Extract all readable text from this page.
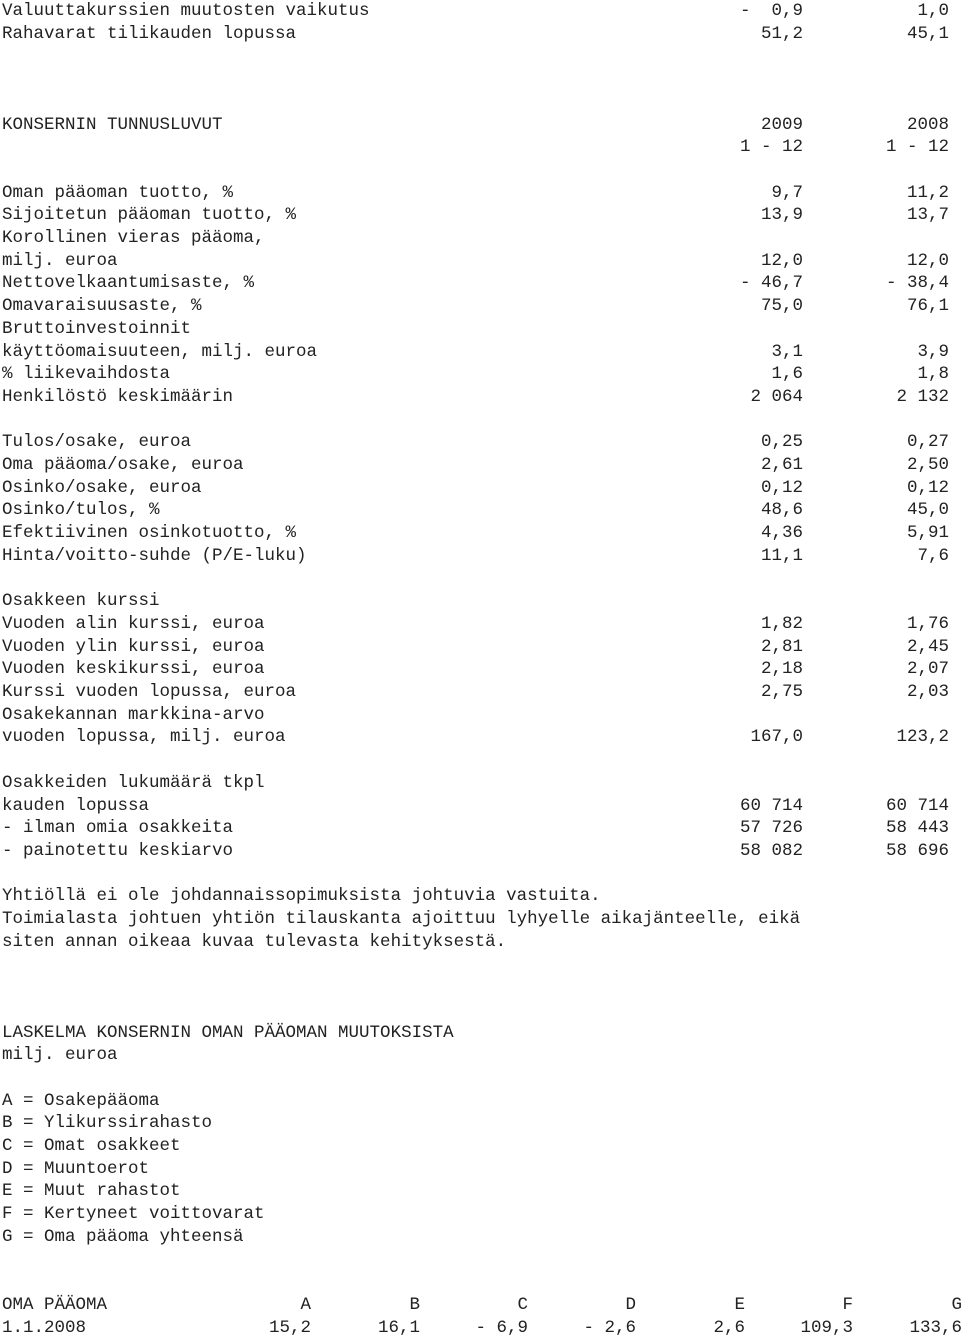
Valuuttakurssien muutosten vaikutus	-  0,9	1,0
Rahavarat tilikauden lopussa	51,2	45,1
KONSERNIN TUNNUSLUVUT	2009	2008
1 - 12	1 - 12
Oman pääoman tuotto, %	9,7	11,2
Sijoitetun pääoman tuotto, %	13,9	13,7
Korollinen vieras pääoma,
milj. euroa	12,0	12,0
Nettovelkaantumisaste, %	- 46,7	- 38,4
Omavaraisuusaste, %	75,0	76,1
Bruttoinvestoinnit
käyttöomaisuuteen, milj. euroa	3,1	3,9
% liikevaihdosta	1,6	1,8
Henkilöstö keskimäärin	2 064	2 132
Tulos/osake, euroa	0,25	0,27
Oma pääoma/osake, euroa	2,61	2,50
Osinko/osake, euroa	0,12	0,12
Osinko/tulos, %	48,6	45,0
Efektiivinen osinkotuotto, %	4,36	5,91
Hinta/voitto-suhde (P/E-luku)	11,1	7,6
Osakkeen kurssi
Vuoden alin kurssi, euroa	1,82	1,76
Vuoden ylin kurssi, euroa	2,81	2,45
Vuoden keskikurssi, euroa	2,18	2,07
Kurssi vuoden lopussa, euroa	2,75	2,03
Osakekannan markkina-arvo
vuoden lopussa, milj. euroa	167,0	123,2
Osakkeiden lukumäärä tkpl
kauden lopussa	60 714	60 714
- ilman omia osakkeita	57 726	58 443
- painotettu keskiarvo	58 082	58 696
Yhtiöllä ei ole johdannaissopimuksista johtuvia vastuita.
Toimialasta johtuen yhtiön tilauskanta ajoittuu lyhyelle aikajänteelle, eikä
siten annan oikeaa kuvaa tulevasta kehityksestä.
LASKELMA KONSERNIN OMAN PÄÄOMAN MUUTOKSISTA
milj. euroa
A = Osakepääoma
B = Ylikurssirahasto
C = Omat osakkeet
D = Muuntoerot
E = Muut rahastot
F = Kertyneet voittovarat
G = Oma pääoma yhteensä
OMA PÄÄOMA	A	B	C	D	E	F	G
1.1.2008	15,2	16,1	- 6,9	- 2,6	2,6	109,3	133,6
